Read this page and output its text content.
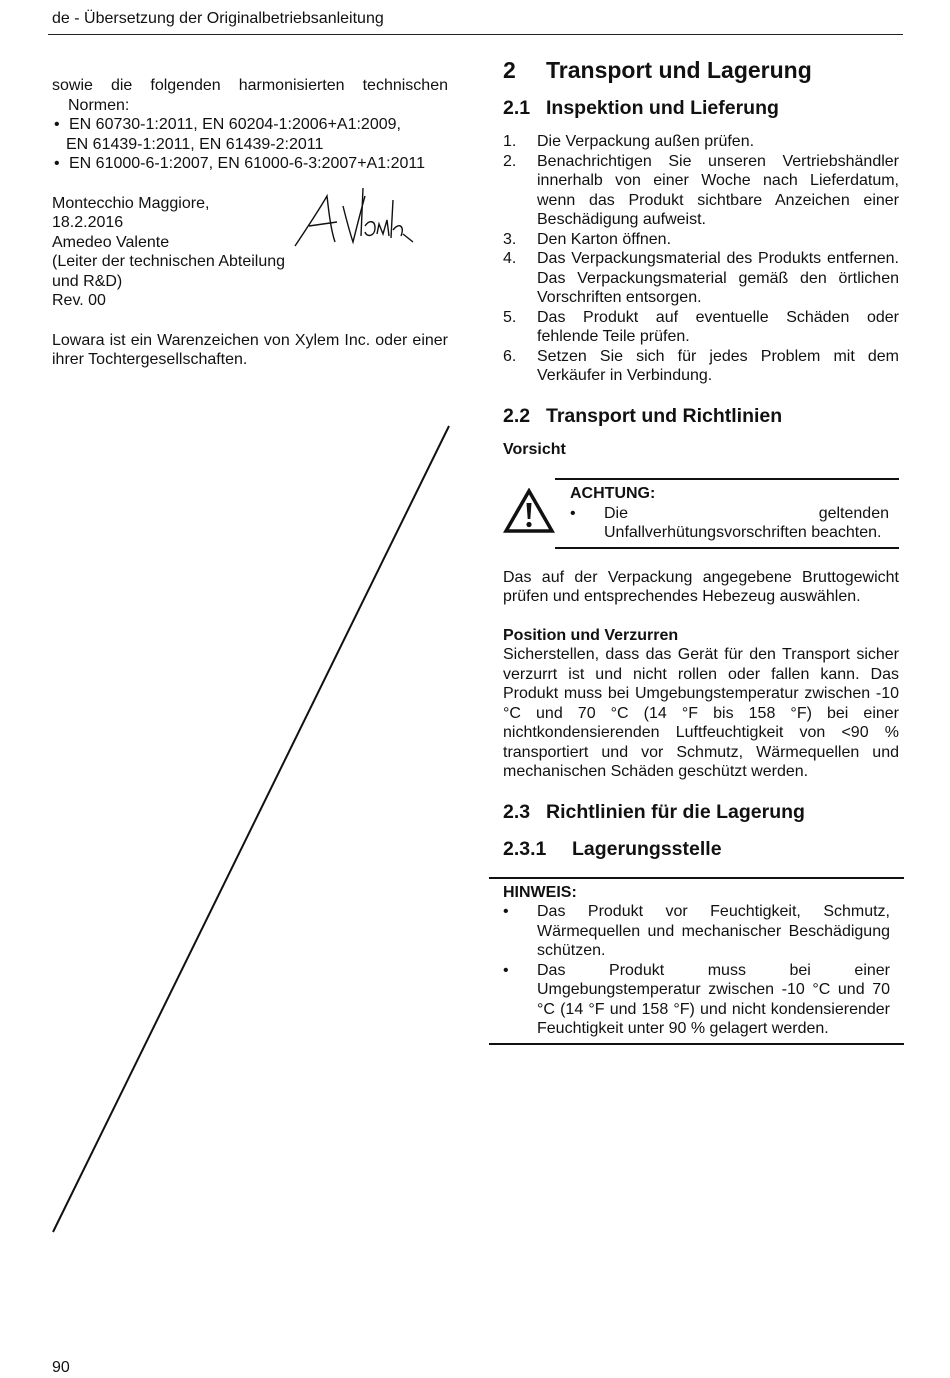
de - Übersetzung der Originalbetriebsanleitung

sowie die folgenden harmonisierten technischen

Normen:

• EN 60730-1:2011, EN 60204-1:2006+A1:2009,
EN 61439-1:2011, EN 61439-2:2011
• EN 61000-6-1:2007, EN 61000-6-3:2007+A1:2011
Montecchio Maggiore,
18.2.2016
Amedeo Valente
(Leiter der technischen Abteilung
und R&D)
Rev. 00

Lowara ist ein Warenzeichen von Xylem Inc. oder einer ihrer Tochtergesellschaften.

2 Transport und Lagerung
2.1 Inspektion und Lieferung
1. Die Verpackung außen prüfen.
2. Benachrichtigen Sie unseren Vertriebshändler innerhalb von einer Woche nach Lieferdatum, wenn das Produkt sichtbare Anzeichen einer Beschädigung aufweist.
3. Den Karton öffnen.
4. Das Verpackungsmaterial des Produkts entfernen. Das Verpackungsmaterial gemäß den örtlichen Vorschriften entsorgen.
5. Das Produkt auf eventuelle Schäden oder fehlende Teile prüfen.
6. Setzen Sie sich für jedes Problem mit dem Verkäufer in Verbindung.
2.2 Transport und Richtlinien
Vorsicht
ACHTUNG:
• Die geltenden Unfallverhütungsvorschriften beachten.

Das auf der Verpackung angegebene Bruttogewicht prüfen und entsprechendes Hebezeug auswählen.

Position und Verzurren

Sicherstellen, dass das Gerät für den Transport sicher verzurrt ist und nicht rollen oder fallen kann. Das Produkt muss bei Umgebungstemperatur zwischen -10 °C und 70 °C (14 °F bis 158 °F) bei einer nichtkondensierenden Luftfeuchtigkeit von <90 % transportiert und vor Schmutz, Wärmequellen und mechanischen Schäden geschützt werden.

2.3 Richtlinien für die Lagerung
2.3.1 Lagerungsstelle
HINWEIS:
• Das Produkt vor Feuchtigkeit, Schmutz, Wärmequellen und mechanischer Beschädigung schützen.
• Das Produkt muss bei einer Umgebungstemperatur zwischen -10 °C und 70 °C (14 °F und 158 °F) und nicht kondensierender Feuchtigkeit unter 90 % gelagert werden.
90
